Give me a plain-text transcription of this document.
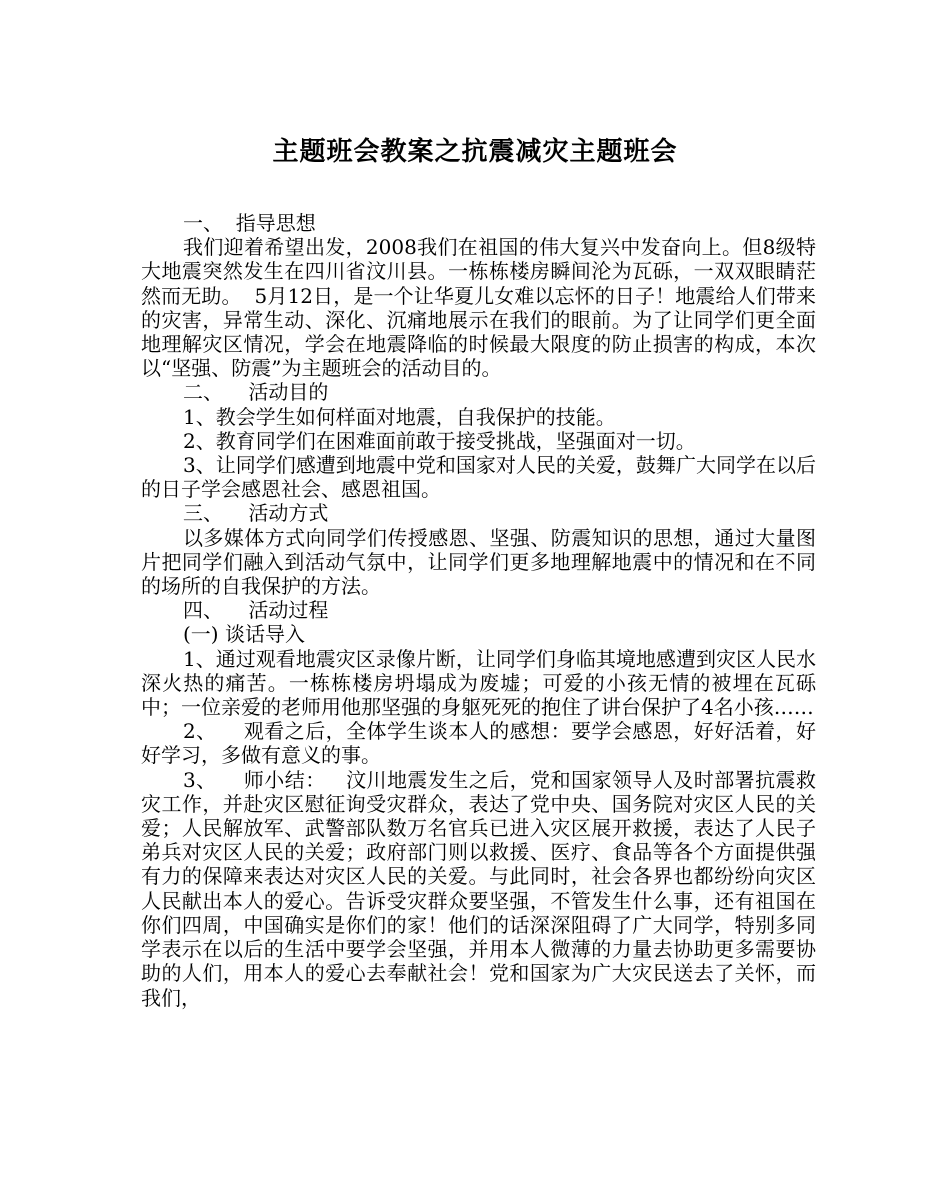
主题班会教案之抗震减灾主题班会

一、  指导思想

我们迎着希望出发，2008我们在祖国的伟大复兴中发奋向上。但8级特大地震突然发生在四川省汶川县。一栋栋楼房瞬间沦为瓦砾，一双双眼睛茫然而无助。  5月12日，是一个让华夏儿女难以忘怀的日子！地震给人们带来的灾害，异常生动、深化、沉痛地展示在我们的眼前。为了让同学们更全面地理解灾区情况，学会在地震降临的时候最大限度的防止损害的构成，本次以“坚强、防震”为主题班会的活动目的。

二、    活动目的

1、教会学生如何样面对地震，自我保护的技能。

2、教育同学们在困难面前敢于接受挑战，坚强面对一切。

3、让同学们感遭到地震中党和国家对人民的关爱，鼓舞广大同学在以后的日子学会感恩社会、感恩祖国。

三、    活动方式

以多媒体方式向同学们传授感恩、坚强、防震知识的思想，通过大量图片把同学们融入到活动气氛中，让同学们更多地理解地震中的情况和在不同的场所的自我保护的方法。

四、    活动过程

(一) 谈话导入

1、通过观看地震灾区录像片断，让同学们身临其境地感遭到灾区人民水深火热的痛苦。一栋栋楼房坍塌成为废墟；可爱的小孩无情的被埋在瓦砾中；一位亲爱的老师用他那坚强的身躯死死的抱住了讲台保护了4名小孩……

2、    观看之后，全体学生谈本人的感想：要学会感恩，好好活着，好好学习，多做有意义的事。

3、    师小结：   汶川地震发生之后，党和国家领导人及时部署抗震救灾工作，并赴灾区慰征询受灾群众，表达了党中央、国务院对灾区人民的关爱；人民解放军、武警部队数万名官兵已进入灾区展开救援，表达了人民子弟兵对灾区人民的关爱；政府部门则以救援、医疗、食品等各个方面提供强有力的保障来表达对灾区人民的关爱。与此同时，社会各界也都纷纷向灾区人民献出本人的爱心。告诉受灾群众要坚强，不管发生什么事，还有祖国在你们四周，中国确实是你们的家！他们的话深深阻碍了广大同学，特别多同学表示在以后的生活中要学会坚强，并用本人微薄的力量去协助更多需要协助的人们，用本人的爱心去奉献社会！党和国家为广大灾民送去了关怀，而我们，
